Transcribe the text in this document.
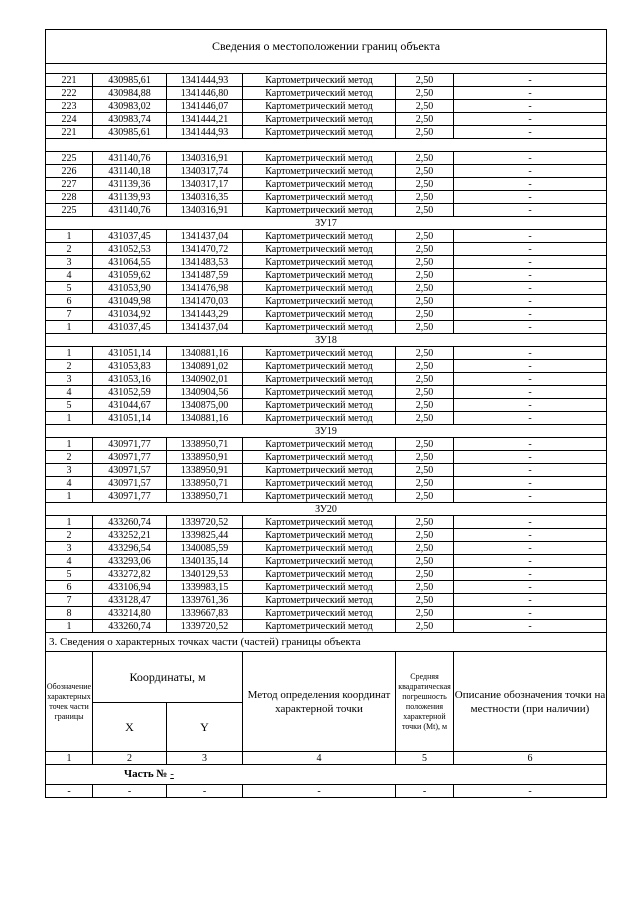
Сведения о местоположении границ объекта					

221	430985,61	1341444,93	Картометрический метод	2,50	-
222	430984,88	1341446,80	Картометрический метод	2,50	-
223	430983,02	1341446,07	Картометрический метод	2,50	-
224	430983,74	1341444,21	Картометрический метод	2,50	-
221	430985,61	1341444,93	Картометрический метод	2,50	-

225	431140,76	1340316,91	Картометрический метод	2,50	-
226	431140,18	1340317,74	Картометрический метод	2,50	-
227	431139,36	1340317,17	Картометрический метод	2,50	-
228	431139,93	1340316,35	Картометрический метод	2,50	-
225	431140,76	1340316,91	Картометрический метод	2,50	-
ЗУ17					
1	431037,45	1341437,04	Картометрический метод	2,50	-
2	431052,53	1341470,72	Картометрический метод	2,50	-
3	431064,55	1341483,53	Картометрический метод	2,50	-
4	431059,62	1341487,59	Картометрический метод	2,50	-
5	431053,90	1341476,98	Картометрический метод	2,50	-
6	431049,98	1341470,03	Картометрический метод	2,50	-
7	431034,92	1341443,29	Картометрический метод	2,50	-
1	431037,45	1341437,04	Картометрический метод	2,50	-
ЗУ18					
1	431051,14	1340881,16	Картометрический метод	2,50	-
2	431053,83	1340891,02	Картометрический метод	2,50	-
3	431053,16	1340902,01	Картометрический метод	2,50	-
4	431052,59	1340904,56	Картометрический метод	2,50	-
5	431044,67	1340875,00	Картометрический метод	2,50	-
1	431051,14	1340881,16	Картометрический метод	2,50	-
ЗУ19					
1	430971,77	1338950,71	Картометрический метод	2,50	-
2	430971,77	1338950,91	Картометрический метод	2,50	-
3	430971,57	1338950,91	Картометрический метод	2,50	-
4	430971,57	1338950,71	Картометрический метод	2,50	-
1	430971,77	1338950,71	Картометрический метод	2,50	-
ЗУ20					
1	433260,74	1339720,52	Картометрический метод	2,50	-
2	433252,21	1339825,44	Картометрический метод	2,50	-
3	433296,54	1340085,59	Картометрический метод	2,50	-
4	433293,06	1340135,14	Картометрический метод	2,50	-
5	433272,82	1340129,53	Картометрический метод	2,50	-
6	433106,94	1339983,15	Картометрический метод	2,50	-
7	433128,47	1339761,36	Картометрический метод	2,50	-
8	433214,80	1339667,83	Картометрический метод	2,50	-
1	433260,74	1339720,52	Картометрический метод	2,50	-
3. Сведения о характерных точках части (частей) границы объекта					
Обозначение характерных точек части границы	Координаты, м		Метод определения координат характерной точки	Средняя квадратическая погрешность положения характерной точки (Mt), м	Описание обозначения точки на местности (при наличии)
	X	Y			
1	2	3	4	5	6
Часть № -					
-	-	-	-	-	-
